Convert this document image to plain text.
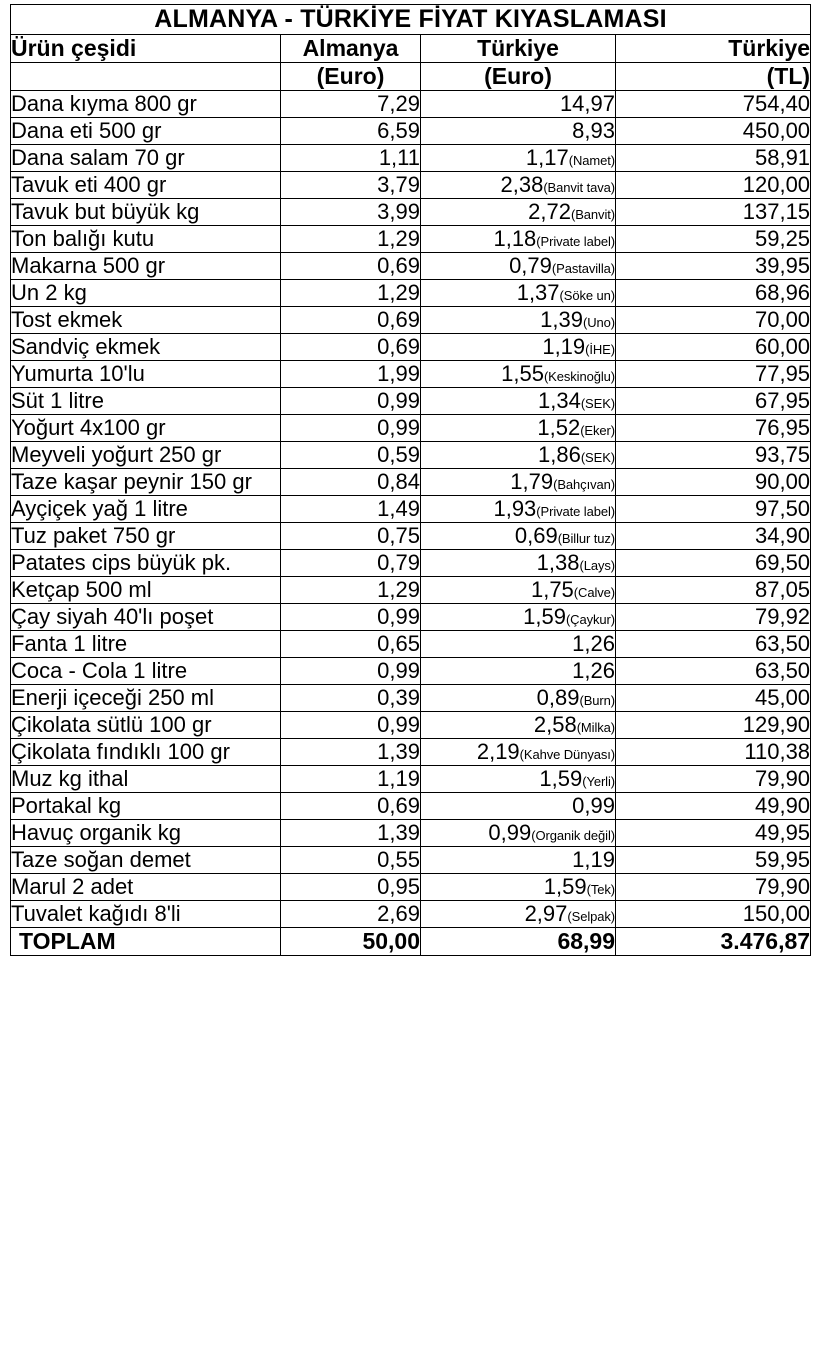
ALMANYA - TÜRKİYE FİYAT KIYASLAMASI			
Ürün çeşidi	Almanya	Türkiye	Türkiye
	(Euro)	(Euro)	(TL)
Dana kıyma 800 gr	7,29	14,97	754,40
Dana eti 500 gr	6,59	8,93	450,00
Dana salam 70 gr	1,11	1,17(Namet)	58,91
Tavuk eti 400 gr	3,79	2,38(Banvit tava)	120,00
Tavuk but büyük kg	3,99	2,72(Banvit)	137,15
Ton balığı kutu	1,29	1,18(Private label)	59,25
Makarna 500 gr	0,69	0,79(Pastavilla)	39,95
Un 2 kg	1,29	1,37(Söke un)	68,96
Tost ekmek	0,69	1,39(Uno)	70,00
Sandviç ekmek	0,69	1,19(İHE)	60,00
Yumurta 10'lu	1,99	1,55(Keskinoğlu)	77,95
Süt 1 litre	0,99	1,34(SEK)	67,95
Yoğurt 4x100 gr	0,99	1,52(Eker)	76,95
Meyveli yoğurt 250 gr	0,59	1,86(SEK)	93,75
Taze kaşar peynir 150 gr	0,84	1,79(Bahçıvan)	90,00
Ayçiçek yağ 1 litre	1,49	1,93(Private label)	97,50
Tuz paket 750 gr	0,75	0,69(Billur tuz)	34,90
Patates cips büyük pk.	0,79	1,38(Lays)	69,50
Ketçap 500 ml	1,29	1,75(Calve)	87,05
Çay siyah 40'lı poşet	0,99	1,59(Çaykur)	79,92
Fanta 1 litre	0,65	1,26	63,50
Coca - Cola 1 litre	0,99	1,26	63,50
Enerji içeceği 250 ml	0,39	0,89(Burn)	45,00
Çikolata sütlü 100 gr	0,99	2,58(Milka)	129,90
Çikolata fındıklı 100 gr	1,39	2,19(Kahve Dünyası)	110,38
Muz kg ithal	1,19	1,59(Yerli)	79,90
Portakal kg	0,69	0,99	49,90
Havuç organik kg	1,39	0,99(Organik değil)	49,95
Taze soğan demet	0,55	1,19	59,95
Marul 2 adet	0,95	1,59(Tek)	79,90
Tuvalet kağıdı 8'li	2,69	2,97(Selpak)	150,00
TOPLAM	50,00	68,99	3.476,87
